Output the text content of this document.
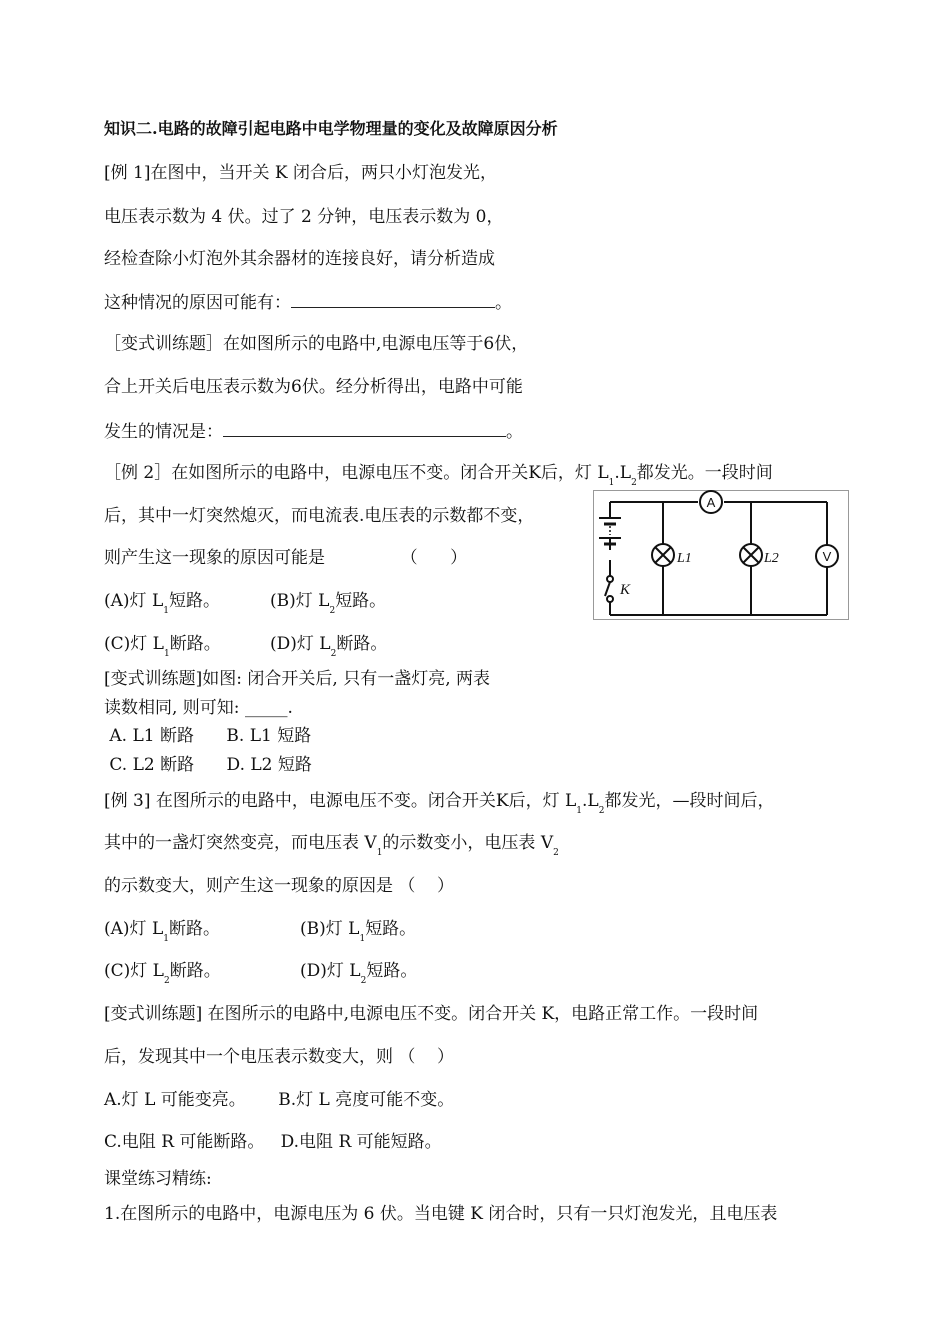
知识二.电路的故障引起电路中电学物理量的变化及故障原因分析
[例 1]在图中，当开关 K 闭合后，两只小灯泡发光，
电压表示数为 4 伏。过了 2 分钟，电压表示数为 0，
经检查除小灯泡外其余器材的连接良好，请分析造成
这种情况的原因可能有：	。
［变式训练题］在如图所示的电路中,电源电压等于6伏，
合上开关后电压表示数为6伏。经分析得出，电路中可能
发生的情况是：	。
［例 2］在如图所示的电路中，电源电压不变。闭合开关K后，灯 $L_1.L_2$都发光。一段时间
后，其中一灯突然熄灭，而电流表.电压表的示数都不变，
则产生这一现象的原因可能是              （      ）
(A)灯 $L_1$短路。	(B)灯 $L_2$短路。
(C)灯 $L_1$断路。	(D)灯 $L_2$断路。
K
A
L1	L2	V
[变式训练题]如图: 闭合开关后, 只有一盏灯亮, 两表
读数相同, 则可知: _____.
A. L1 断路      B. L1 短路
C. L2 断路      D. L2 短路
[例 3] 在图所示的电路中，电源电压不变。闭合开关K后，灯 $L_1.L_2$都发光，—段时间后，
其中的一盏灯突然变亮，而电压表 $V_1$的示数变小，电压表 $V_2$
的示数变大，则产生这一现象的原因是 （    ）
(A)灯 $L_1$断路。	(B)灯 $L_1$短路。
(C)灯 $L_2$断路。	(D)灯 $L_2$短路。
[变式训练题] 在图所示的电路中,电源电压不变。闭合开关 K，电路正常工作。一段时间
后，发现其中一个电压表示数变大，则 （    ）
A.灯 L 可能变亮。      B.灯 L 亮度可能不变。
C.电阻 R 可能断路。   D.电阻 R 可能短路。
课堂练习精练:
1.在图所示的电路中，电源电压为 6 伏。当电键 K 闭合时，只有一只灯泡发光，且电压表
